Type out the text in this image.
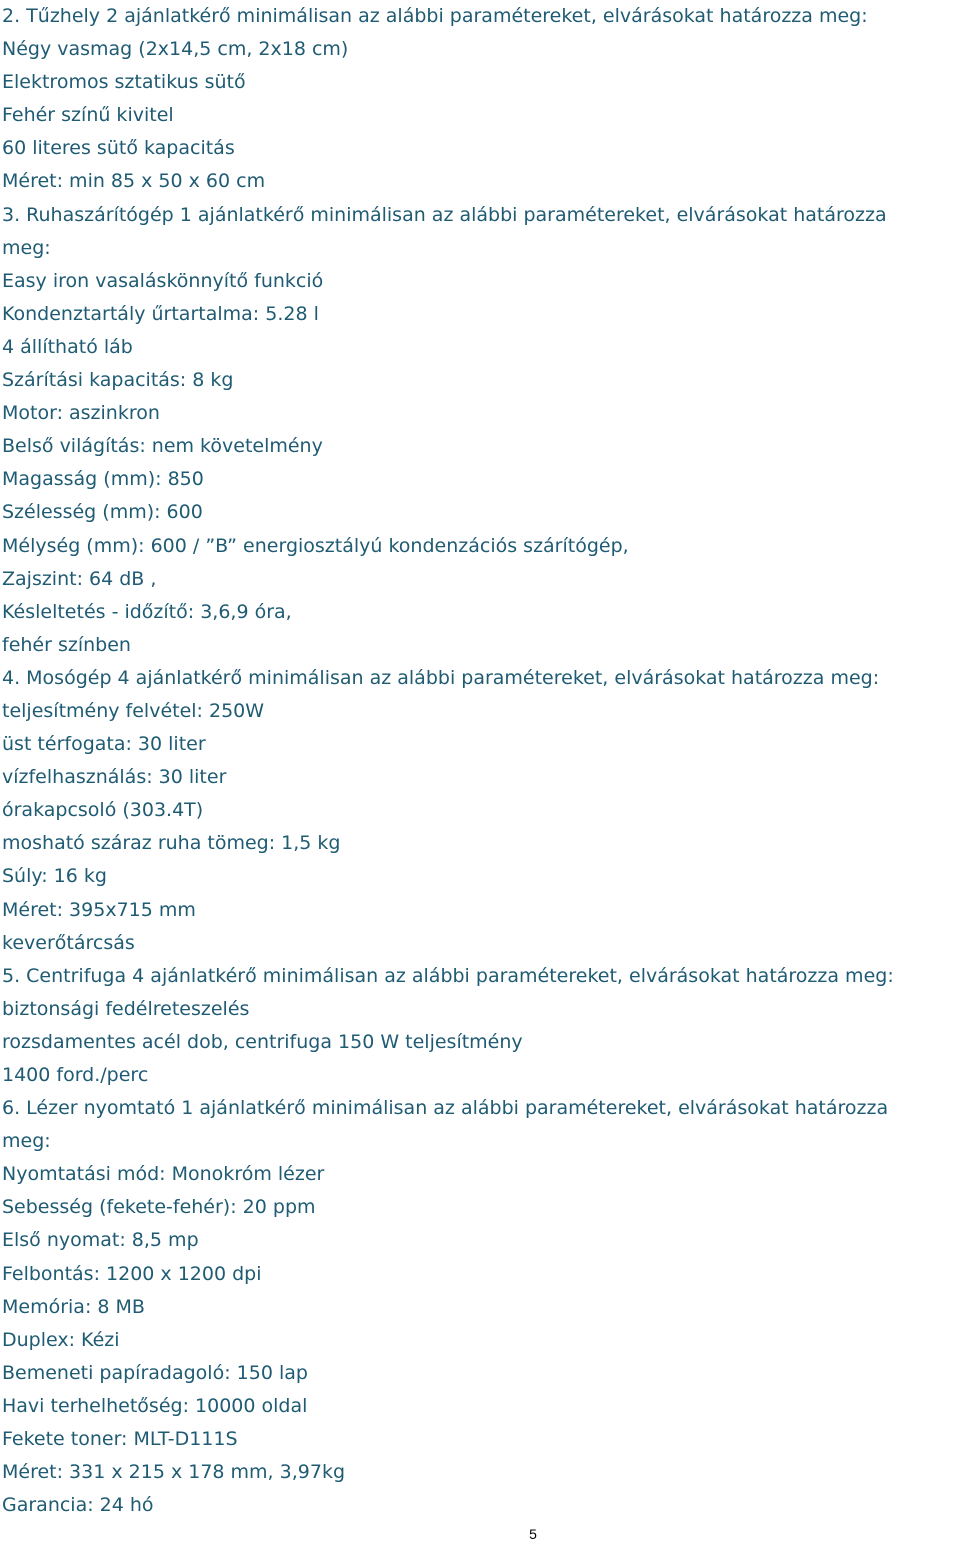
2. Tűzhely 2 ajánlatkérő minimálisan az alábbi paramétereket, elvárásokat határozza meg:
Négy vasmag (2x14,5 cm, 2x18 cm)
Elektromos sztatikus sütő
Fehér színű kivitel
60 literes sütő kapacitás
Méret: min 85 x 50 x 60 cm
3. Ruhaszárítógép 1 ajánlatkérő minimálisan az alábbi paramétereket, elvárásokat határozza
meg:
Easy iron vasaláskönnyítő funkció
Kondenztartály űrtartalma: 5.28 l
4 állítható láb
Szárítási kapacitás: 8 kg
Motor: aszinkron
Belső világítás: nem követelmény
Magasság (mm): 850
Szélesség (mm): 600
Mélység (mm): 600 / ”B” energiosztályú kondenzációs szárítógép,
Zajszint: 64 dB ,
Késleltetés - időzítő: 3,6,9 óra,
fehér színben
4. Mosógép 4 ajánlatkérő minimálisan az alábbi paramétereket, elvárásokat határozza meg:
teljesítmény felvétel: 250W
üst térfogata: 30 liter
vízfelhasználás: 30 liter
órakapcsoló (303.4T)
mosható száraz ruha tömeg: 1,5 kg
Súly: 16 kg
Méret: 395x715 mm
keverőtárcsás
5. Centrifuga 4 ajánlatkérő minimálisan az alábbi paramétereket, elvárásokat határozza meg:
biztonsági fedélreteszelés
rozsdamentes acél dob, centrifuga 150 W teljesítmény
1400 ford./perc
6. Lézer nyomtató 1 ajánlatkérő minimálisan az alábbi paramétereket, elvárásokat határozza
meg:
Nyomtatási mód: Monokróm lézer
Sebesség (fekete-fehér): 20 ppm
Első nyomat: 8,5 mp
Felbontás: 1200 x 1200 dpi
Memória: 8 MB
Duplex: Kézi
Bemeneti papíradagoló: 150 lap
Havi terhelhetőség: 10000 oldal
Fekete toner: MLT-D111S
Méret: 331 x 215 x 178 mm, 3,97kg
Garancia: 24 hó
5
